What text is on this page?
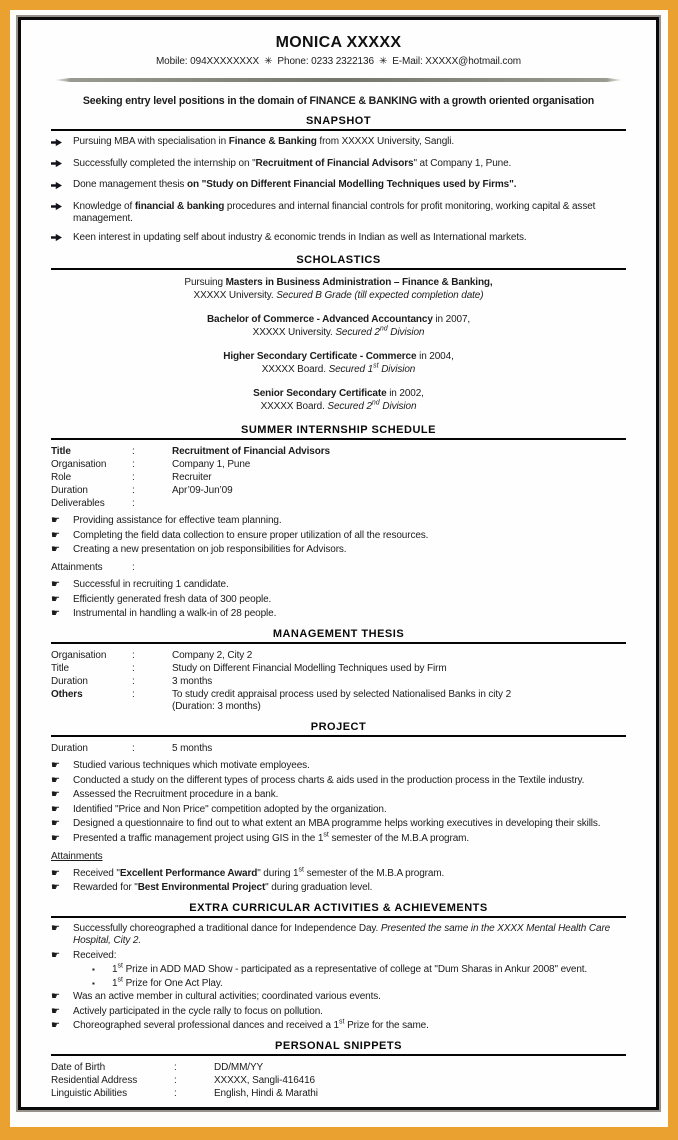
MONICA XXXXX
Mobile: 094XXXXXXXX ✳ Phone: 0233 2322136 ✳ E-Mail: XXXXX@hotmail.com

Seeking entry level positions in the domain of FINANCE & BANKING with a growth oriented organisation

SNAPSHOT
Pursuing MBA with specialisation in Finance & Banking from XXXXX University, Sangli.
Successfully completed the internship on "Recruitment of Financial Advisors" at Company 1, Pune.
Done management thesis on "Study on Different Financial Modelling Techniques used by Firms".
Knowledge of financial & banking procedures and internal financial controls for profit monitoring, working capital & asset management.
Keen interest in updating self about industry & economic trends in Indian as well as International markets.
SCHOLASTICS
Pursuing Masters in Business Administration – Finance & Banking,
XXXXX University. Secured B Grade (till expected completion date)
Bachelor of Commerce - Advanced Accountancy in 2007,
XXXXX University. Secured 2nd Division
Higher Secondary Certificate - Commerce in 2004,
XXXXX Board. Secured 1st Division
Senior Secondary Certificate in 2002,
XXXXX Board. Secured 2nd Division
SUMMER INTERNSHIP SCHEDULE
Title	:	Recruitment of Financial Advisors
Organisation	:	Company 1, Pune
Role	:	Recruiter
Duration	:	Apr’09-Jun’09
Deliverables	:
☛	Providing assistance for effective team planning.
☛	Completing the field data collection to ensure proper utilization of all the resources.
☛	Creating a new presentation on job responsibilities for Advisors.
Attainments	:
☛	Successful in recruiting 1 candidate.
☛	Efficiently generated fresh data of 300 people.
☛	Instrumental in handling a walk-in of 28 people.
MANAGEMENT THESIS
Organisation	:	Company 2, City 2
Title	:	Study on Different Financial Modelling Techniques used by Firm
Duration	:	3 months
Others	:	To study credit appraisal process used by selected Nationalised Banks in city 2
(Duration: 3 months)
PROJECT
Duration	:	5 months
☛	Studied various techniques which motivate employees.
☛	Conducted a study on the different types of process charts & aids used in the production process in the Textile industry.
☛	Assessed the Recruitment procedure in a bank.
☛	Identified "Price and Non Price" competition adopted by the organization.
☛	Designed a questionnaire to find out to what extent an MBA programme helps working executives in developing their skills.
☛	Presented a traffic management project using GIS in the 1st semester of the M.B.A program.
Attainments
☛	Received "Excellent Performance Award" during 1st semester of the M.B.A program.
☛	Rewarded for "Best Environmental Project" during graduation level.
EXTRA CURRICULAR ACTIVITIES & ACHIEVEMENTS
☛	Successfully choreographed a traditional dance for Independence Day. Presented the same in the XXXX Mental Health Care Hospital, City 2.
☛	Received:
▪	1st Prize in ADD MAD Show - participated as a representative of college at "Dum Sharas in Ankur 2008" event.
▪	1st Prize for One Act Play.
☛	Was an active member in cultural activities; coordinated various events.
☛	Actively participated in the cycle rally to focus on pollution.
☛	Choreographed several professional dances and received a 1st Prize for the same.
PERSONAL SNIPPETS
Date of Birth	:	DD/MM/YY
Residential Address	:	XXXXX, Sangli-416416
Linguistic Abilities	:	English, Hindi & Marathi
